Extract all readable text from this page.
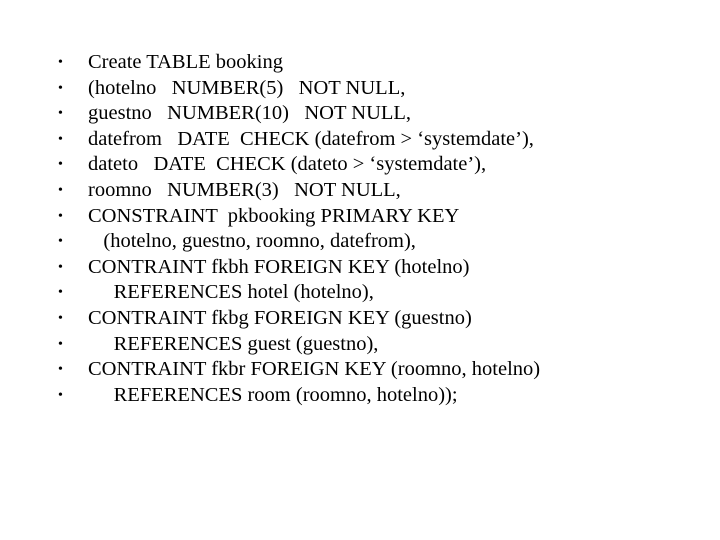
•	Create TABLE booking
•	(hotelno   NUMBER(5)   NOT NULL,
•	guestno   NUMBER(10)   NOT NULL,
•	datefrom   DATE  CHECK (datefrom > ‘systemdate’),
•	dateto   DATE  CHECK (dateto > ‘systemdate’),
•	roomno   NUMBER(3)   NOT NULL,
•	CONSTRAINT  pkbooking PRIMARY KEY
•	(hotelno, guestno, roomno, datefrom),
•	CONTRAINT fkbh FOREIGN KEY (hotelno)
•	REFERENCES hotel (hotelno),
•	CONTRAINT fkbg FOREIGN KEY (guestno)
•	REFERENCES guest (guestno),
•	CONTRAINT fkbr FOREIGN KEY (roomno, hotelno)
•	REFERENCES room (roomno, hotelno));
